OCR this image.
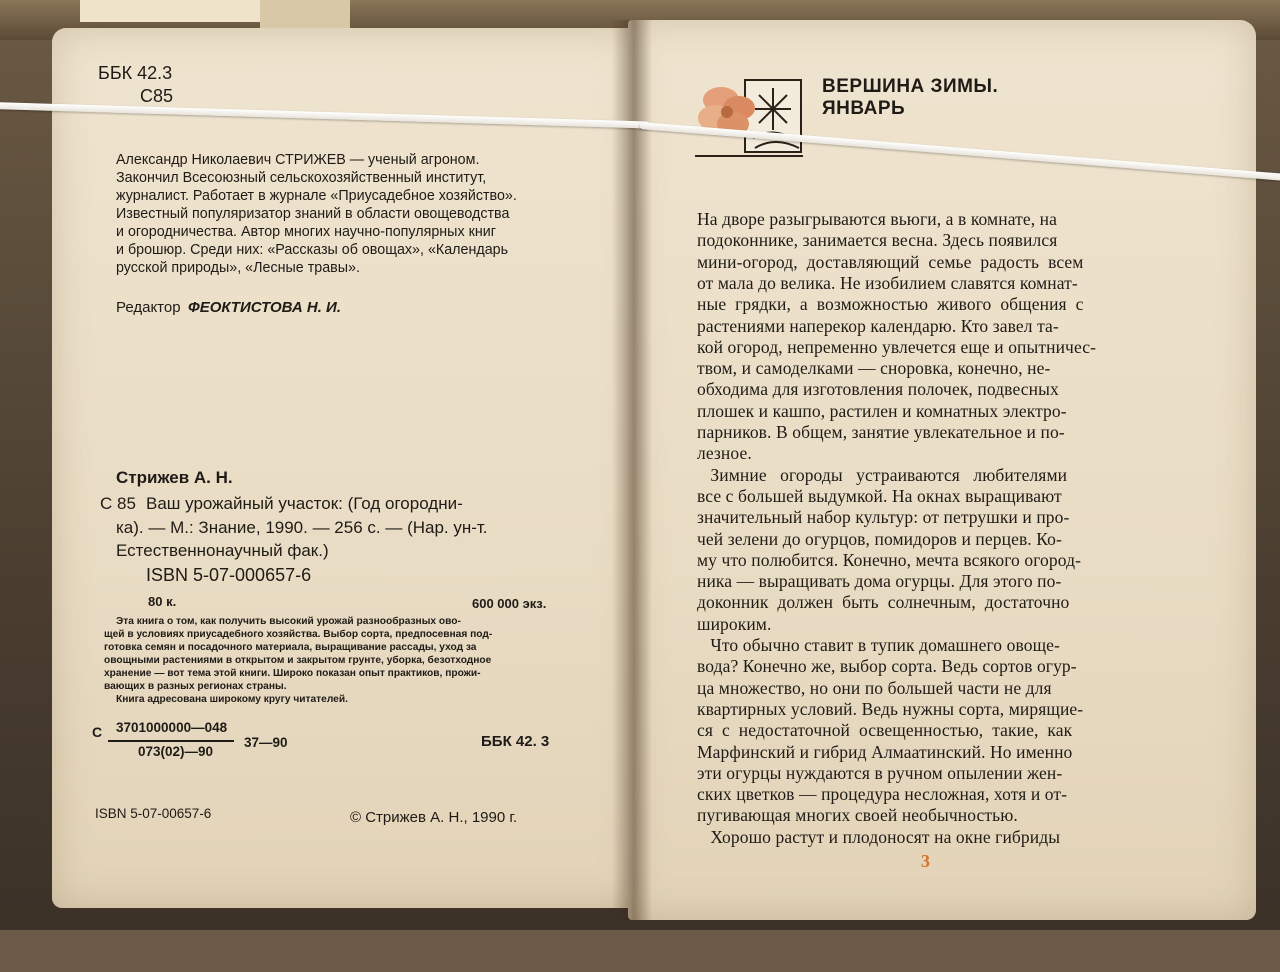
ББК 42.3
С85
Александр Николаевич СТРИЖЕВ — ученый агроном.
Закончил Всесоюзный сельскохозяйственный институт,
журналист. Работает в журнале «Приусадебное хозяйство».
Известный популяризатор знаний в области овощеводства
и огородничества. Автор многих научно-популярных книг
и брошюр. Среди них: «Рассказы об овощах», «Календарь
русской природы», «Лесные травы».
Редактор ФЕОКТИСТОВА Н. И.
Стрижев А. Н.
С 85 Ваш урожайный участок: (Год огородни-
ка). — М.: Знание, 1990. — 256 с. — (Нар. ун-т.
Естественнонаучный фак.)
ISBN 5-07-000657-6
80 к.	600 000 экз.
Эта книга о том, как получить высокий урожай разнообразных ово-
щей в условиях приусадебного хозяйства. Выбор сорта, предпосевная под-
готовка семян и посадочного материала, выращивание рассады, уход за
овощными растениями в открытом и закрытом грунте, уборка, безотходное
хранение — вот тема этой книги. Широко показан опыт практиков, прожи-
вающих в разных регионах страны.
Книга адресована широкому кругу читателей.
С 3701000000—048
073(02)—90
37—90	ББК 42. 3
ISBN 5-07-00657-6	© Стрижев А. Н., 1990 г.
ВЕРШИНА ЗИМЫ.
ЯНВАРЬ
На дворе разыгрываются вьюги, а в комнате, на
подоконнике, занимается весна. Здесь появился
мини-огород,  доставляющий  семье  радость  всем
от мала до велика. Не изобилием славятся комнат-
ные  грядки,  а  возможностью  живого  общения  с
растениями наперекор календарю. Кто завел та-
кой огород, непременно увлечется еще и опытничес-
твом, и самоделками — сноровка, конечно, не-
обходима для изготовления полочек, подвесных
плошек и кашпо, растилен и комнатных электро-
парников. В общем, занятие увлекательное и по-
лезное.
Зимние   огороды   устраиваются   любителями
все с большей выдумкой. На окнах выращивают
значительный набор культур: от петрушки и про-
чей зелени до огурцов, помидоров и перцев. Ко-
му что полюбится. Конечно, мечта всякого огород-
ника — выращивать дома огурцы. Для этого по-
доконник  должен  быть  солнечным,  достаточно
широким.
Что обычно ставит в тупик домашнего овоще-
вода? Конечно же, выбор сорта. Ведь сортов огур-
ца множество, но они по большей части не для
квартирных условий. Ведь нужны сорта, мирящие-
ся  с  недостаточной  освещенностью,  такие,  как
Марфинский и гибрид Алмаатинский. Но именно
эти огурцы нуждаются в ручном опылении жен-
ских цветков — процедура несложная, хотя и от-
пугивающая многих своей необычностью.
Хорошо растут и плодоносят на окне гибриды
3
